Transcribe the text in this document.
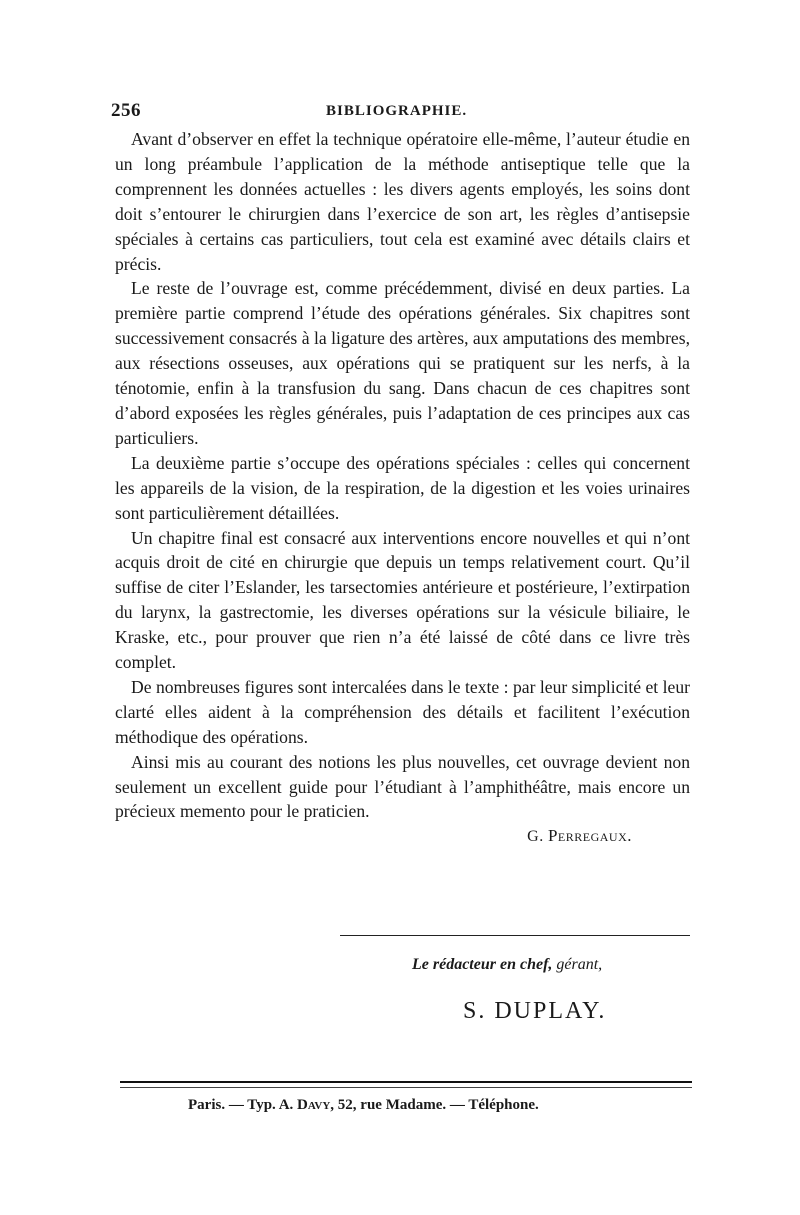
256	BIBLIOGRAPHIE.

Avant d’observer en effet la technique opératoire elle-même, l’auteur étudie en un long préambule l’application de la méthode antiseptique telle que la comprennent les données actuelles : les divers agents employés, les soins dont doit s’entourer le chirurgien dans l’exercice de son art, les règles d’antisepsie spéciales à certains cas particuliers, tout cela est examiné avec détails clairs et précis.

Le reste de l’ouvrage est, comme précédemment, divisé en deux parties. La première partie comprend l’étude des opérations générales. Six chapitres sont successivement consacrés à la ligature des artères, aux amputations des membres, aux résections osseuses, aux opérations qui se pratiquent sur les nerfs, à la ténotomie, enfin à la transfusion du sang. Dans chacun de ces chapitres sont d’abord exposées les règles générales, puis l’adaptation de ces principes aux cas particuliers.

La deuxième partie s’occupe des opérations spéciales : celles qui concernent les appareils de la vision, de la respiration, de la digestion et les voies urinaires sont particulièrement détaillées.

Un chapitre final est consacré aux interventions encore nouvelles et qui n’ont acquis droit de cité en chirurgie que depuis un temps relativement court. Qu’il suffise de citer l’Eslander, les tarsectomies antérieure et postérieure, l’extirpation du larynx, la gastrectomie, les diverses opérations sur la vésicule biliaire, le Kraske, etc., pour prouver que rien n’a été laissé de côté dans ce livre très complet.

De nombreuses figures sont intercalées dans le texte : par leur simplicité et leur clarté elles aident à la compréhension des détails et facilitent l’exécution méthodique des opérations.

Ainsi mis au courant des notions les plus nouvelles, cet ouvrage devient non seulement un excellent guide pour l’étudiant à l’amphithéâtre, mais encore un précieux memento pour le praticien.

G. Perregaux.

Le rédacteur en chef, gérant,
S. DUPLAY.
Paris. — Typ. A. Davy, 52, rue Madame. — Téléphone.
